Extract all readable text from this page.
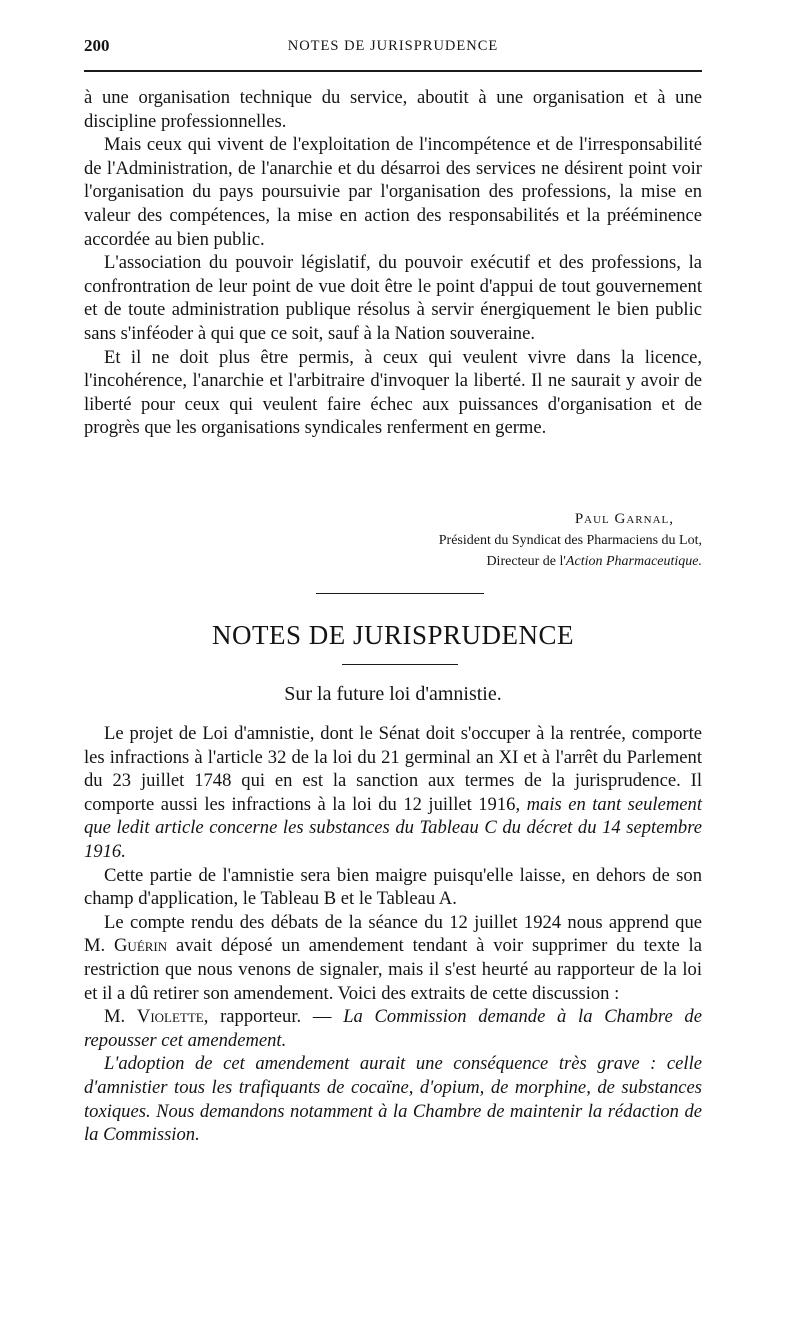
200	NOTES DE JURISPRUDENCE

à une organisation technique du service, aboutit à une organisation et à une discipline professionnelles.

Mais ceux qui vivent de l'exploitation de l'incompétence et de l'irresponsabilité de l'Administration, de l'anarchie et du désarroi des services ne désirent point voir l'organisation du pays poursuivie par l'organisation des professions, la mise en valeur des compétences, la mise en action des responsabilités et la prééminence accordée au bien public.

L'association du pouvoir législatif, du pouvoir exécutif et des professions, la confrontration de leur point de vue doit être le point d'appui de tout gouvernement et de toute administration publique résolus à servir énergiquement le bien public sans s'inféoder à qui que ce soit, sauf à la Nation souveraine.

Et il ne doit plus être permis, à ceux qui veulent vivre dans la licence, l'incohérence, l'anarchie et l'arbitraire d'invoquer la liberté. Il ne saurait y avoir de liberté pour ceux qui veulent faire échec aux puissances d'organisation et de progrès que les organisations syndicales renferment en germe.

Paul Garnal,
Président du Syndicat des Pharmaciens du Lot,
Directeur de l'Action Pharmaceutique.
NOTES DE JURISPRUDENCE
Sur la future loi d'amnistie.

Le projet de Loi d'amnistie, dont le Sénat doit s'occuper à la rentrée, comporte les infractions à l'article 32 de la loi du 21 germinal an XI et à l'arrêt du Parlement du 23 juillet 1748 qui en est la sanction aux termes de la jurisprudence. Il comporte aussi les infractions à la loi du 12 juillet 1916, mais en tant seulement que ledit article concerne les substances du Tableau C du décret du 14 septembre 1916.

Cette partie de l'amnistie sera bien maigre puisqu'elle laisse, en dehors de son champ d'application, le Tableau B et le Tableau A.

Le compte rendu des débats de la séance du 12 juillet 1924 nous apprend que M. Guérin avait déposé un amendement tendant à voir supprimer du texte la restriction que nous venons de signaler, mais il s'est heurté au rapporteur de la loi et il a dû retirer son amendement. Voici des extraits de cette discussion :

M. Violette, rapporteur. — La Commission demande à la Chambre de repousser cet amendement.

L'adoption de cet amendement aurait une conséquence très grave : celle d'amnistier tous les trafiquants de cocaïne, d'opium, de morphine, de substances toxiques. Nous demandons notamment à la Chambre de maintenir la rédaction de la Commission.
